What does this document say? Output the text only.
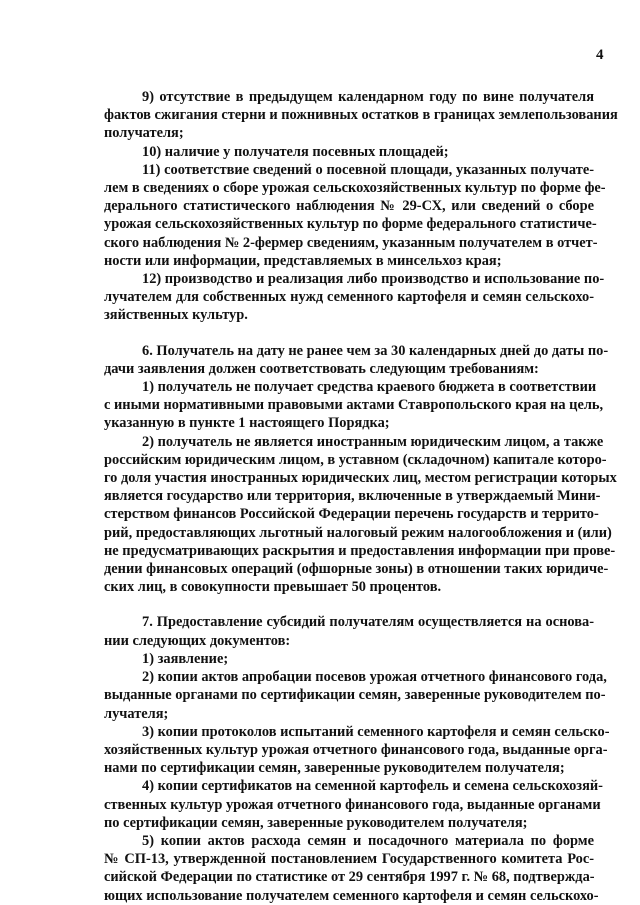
4
9) отсутствие в предыдущем календарном году по вине получателя
фактов сжигания стерни и пожнивных остатков в границах землепользования
получателя;
10) наличие у получателя посевных площадей;
11) соответствие сведений о посевной площади, указанных получате-
лем в сведениях о сборе урожая сельскохозяйственных культур по форме фе-
дерального статистического наблюдения № 29-СХ, или сведений о сборе
урожая сельскохозяйственных культур по форме федерального статистиче-
ского наблюдения № 2-фермер сведениям, указанным получателем в отчет-
ности или информации, представляемых в минсельхоз края;
12) производство и реализация либо производство и использование по-
лучателем для собственных нужд семенного картофеля и семян сельскохо-
зяйственных культур.
6. Получатель на дату не ранее чем за 30 календарных дней до даты по-
дачи заявления должен соответствовать следующим требованиям:
1) получатель не получает средства краевого бюджета в соответствии
с иными нормативными правовыми актами Ставропольского края на цель,
указанную в пункте 1 настоящего Порядка;
2) получатель не является иностранным юридическим лицом, а также
российским юридическим лицом, в уставном (складочном) капитале которо-
го доля участия иностранных юридических лиц, местом регистрации которых
является государство или территория, включенные в утверждаемый Мини-
стерством финансов Российской Федерации перечень государств и террито-
рий, предоставляющих льготный налоговый режим налогообложения и (или)
не предусматривающих раскрытия и предоставления информации при прове-
дении финансовых операций (офшорные зоны) в отношении таких юридиче-
ских лиц, в совокупности превышает 50 процентов.
7. Предоставление субсидий получателям осуществляется на основа-
нии следующих документов:
1) заявление;
2) копии актов апробации посевов урожая отчетного финансового года,
выданные органами по сертификации семян, заверенные руководителем по-
лучателя;
3) копии протоколов испытаний семенного картофеля и семян сельско-
хозяйственных культур урожая отчетного финансового года, выданные орга-
нами по сертификации семян, заверенные руководителем получателя;
4) копии сертификатов на семенной картофель и семена сельскохозяй-
ственных культур урожая отчетного финансового года, выданные органами
по сертификации семян, заверенные руководителем получателя;
5) копии актов расхода семян и посадочного материала по форме
№ СП-13, утвержденной постановлением Государственного комитета Рос-
сийской Федерации по статистике от 29 сентября 1997 г. № 68, подтвержда-
ющих использование получателем семенного картофеля и семян сельскохо-
